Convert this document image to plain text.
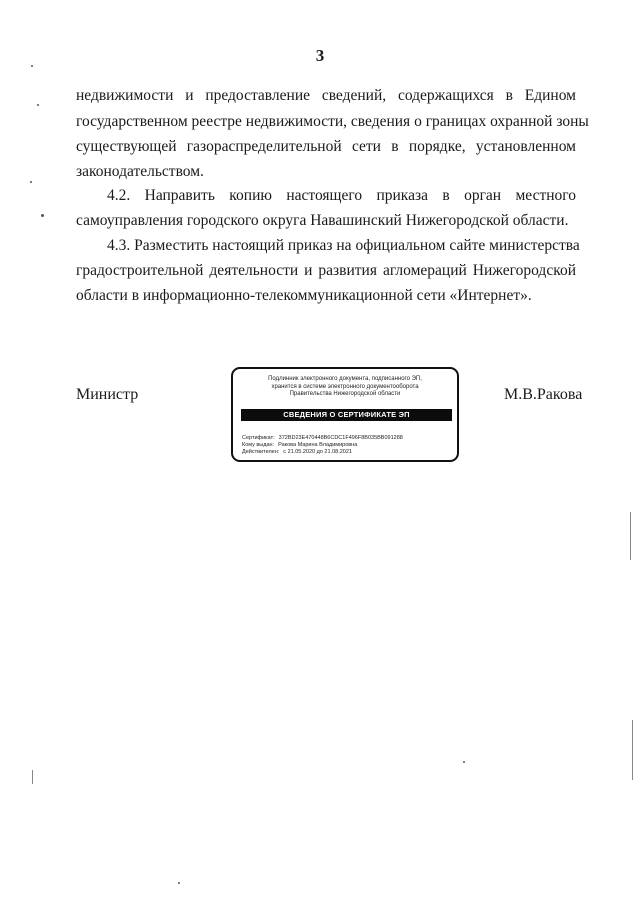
3
недвижимости и предоставление сведений, содержащихся в Едином
государственном реестре недвижимости, сведения о границах охранной зоны
существующей газораспределительной сети в порядке, установленном
законодательством.
4.2. Направить копию настоящего приказа в орган местного
самоуправления городского округа Навашинский Нижегородской области.
4.3. Разместить настоящий приказ на официальном сайте министерства
градостроительной деятельности и развития агломераций Нижегородской
области в информационно-телекоммуникационной сети «Интернет».
Министр	М.В.Ракова
Подлинник электронного документа, подписанного ЭП,
хранится в системе электронного документооборота
Правительства Нижегородской области
СВЕДЕНИЯ О СЕРТИФИКАТЕ ЭП
Сертификат: 372BD23E470448B6CDC1F496F8B035BB091288
Кому выдан: Ракова Марина Владимировна
Действителен: с 21.05.2020 до 21.08.2021
